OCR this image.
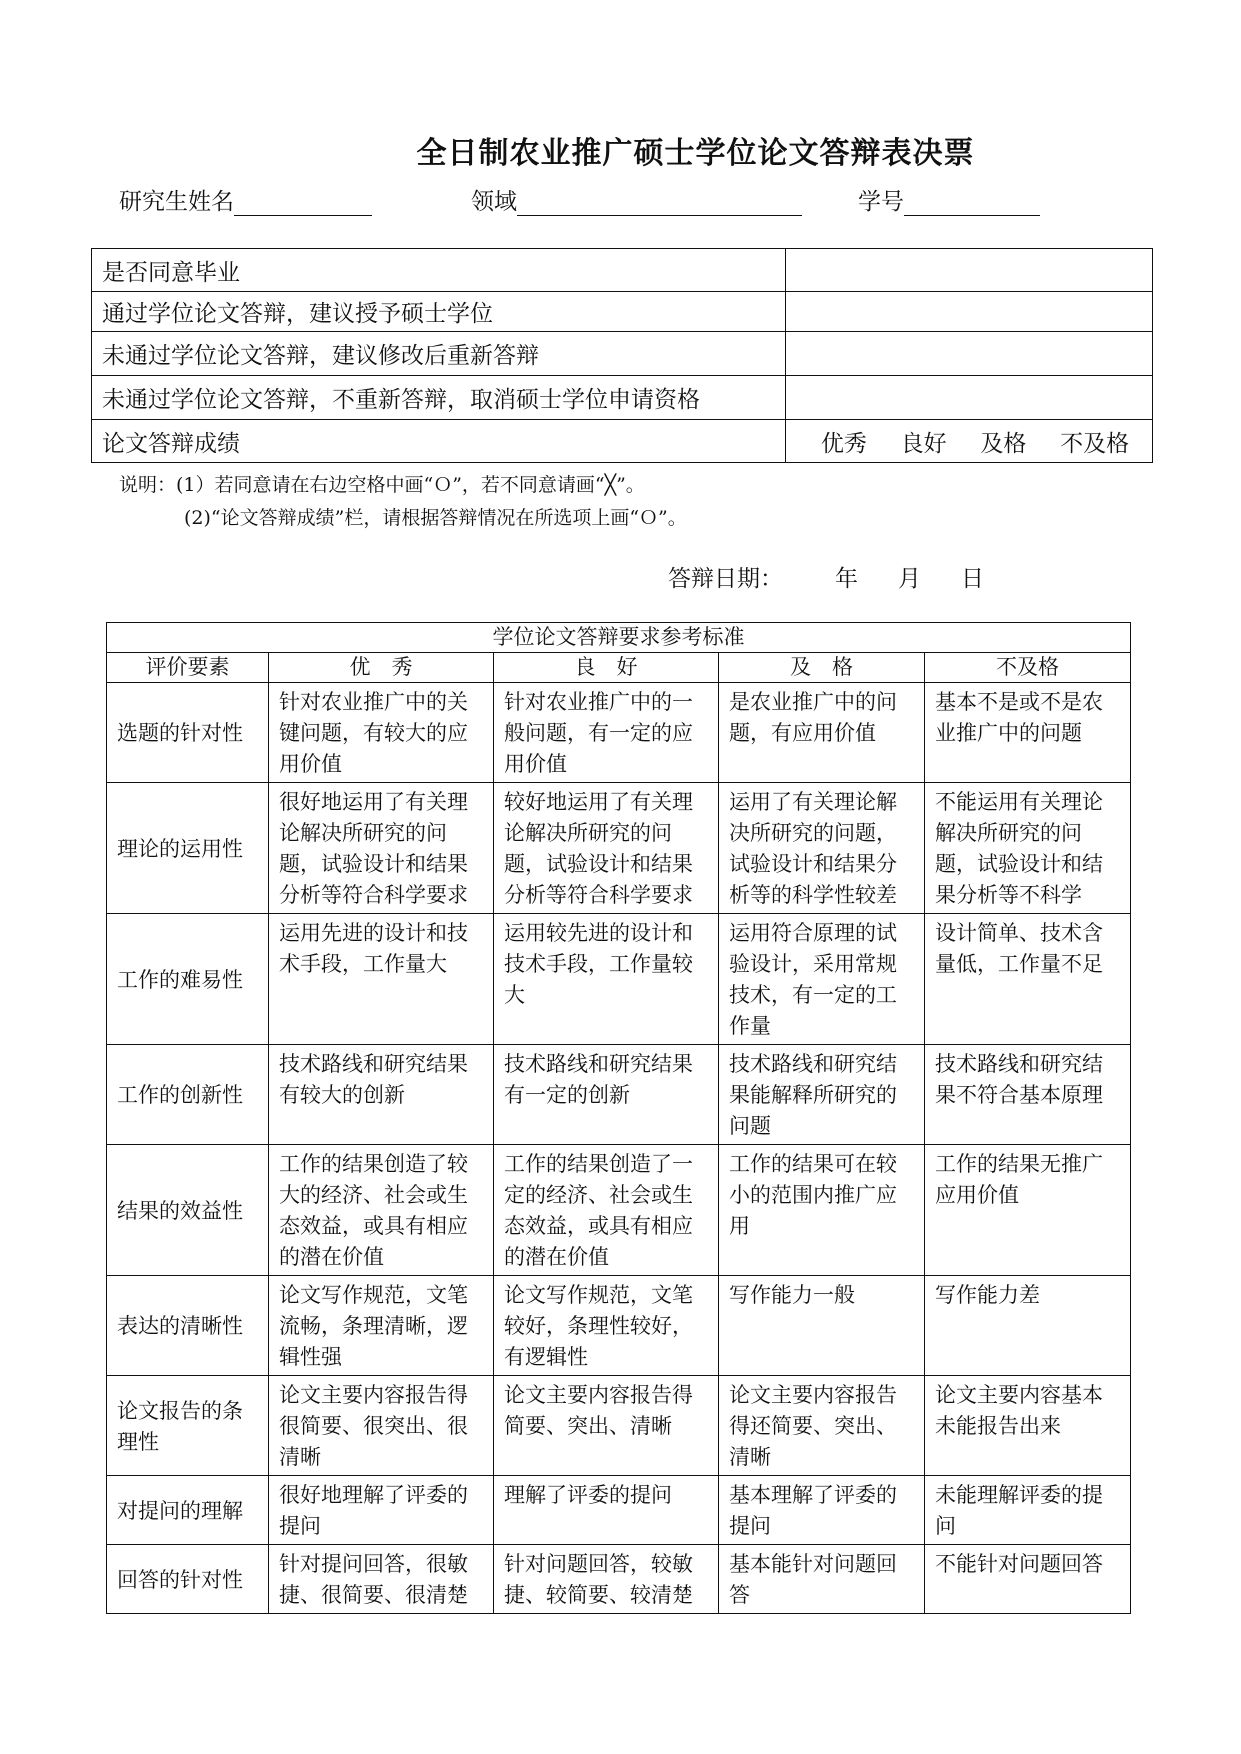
全日制农业推广硕士学位论文答辩表决票
研究生姓名	领域	学号
是否同意毕业	
通过学位论文答辩，建议授予硕士学位	
未通过学位论文答辩，建议修改后重新答辩	
未通过学位论文答辩，不重新答辩，取消硕士学位申请资格	
论文答辩成绩	优秀 良好 及格 不及格
说明：(1）若同意请在右边空格中画“Ｏ”，若不同意请画“╳”。
(2)“论文答辩成绩”栏，请根据答辩情况在所选项上画“Ｏ”。
答辩日期： 年 月 日
学位论文答辩要求参考标准				
评价要素	优　秀	良　好	及　格	不及格
选题的针对性	针对农业推广中的关键问题，有较大的应用价值	针对农业推广中的一般问题，有一定的应用价值	是农业推广中的问题，有应用价值	基本不是或不是农业推广中的问题
理论的运用性	很好地运用了有关理论解决所研究的问题，试验设计和结果分析等符合科学要求	较好地运用了有关理论解决所研究的问题，试验设计和结果分析等符合科学要求	运用了有关理论解决所研究的问题，试验设计和结果分析等的科学性较差	不能运用有关理论解决所研究的问题，试验设计和结果分析等不科学
工作的难易性	运用先进的设计和技术手段，工作量大	运用较先进的设计和技术手段，工作量较大	运用符合原理的试验设计，采用常规技术，有一定的工作量	设计简单、技术含量低，工作量不足
工作的创新性	技术路线和研究结果有较大的创新	技术路线和研究结果有一定的创新	技术路线和研究结果能解释所研究的问题	技术路线和研究结果不符合基本原理
结果的效益性	工作的结果创造了较大的经济、社会或生态效益，或具有相应的潜在价值	工作的结果创造了一定的经济、社会或生态效益，或具有相应的潜在价值	工作的结果可在较小的范围内推广应用	工作的结果无推广应用价值
表达的清晰性	论文写作规范，文笔流畅，条理清晰，逻辑性强	论文写作规范，文笔较好，条理性较好，有逻辑性	写作能力一般	写作能力差
论文报告的条理性	论文主要内容报告得很简要、很突出、很清晰	论文主要内容报告得简要、突出、清晰	论文主要内容报告得还简要、突出、清晰	论文主要内容基本未能报告出来
对提问的理解	很好地理解了评委的提问	理解了评委的提问	基本理解了评委的提问	未能理解评委的提问
回答的针对性	针对提问回答，很敏捷、很简要、很清楚	针对问题回答，较敏捷、较简要、较清楚	基本能针对问题回答	不能针对问题回答
